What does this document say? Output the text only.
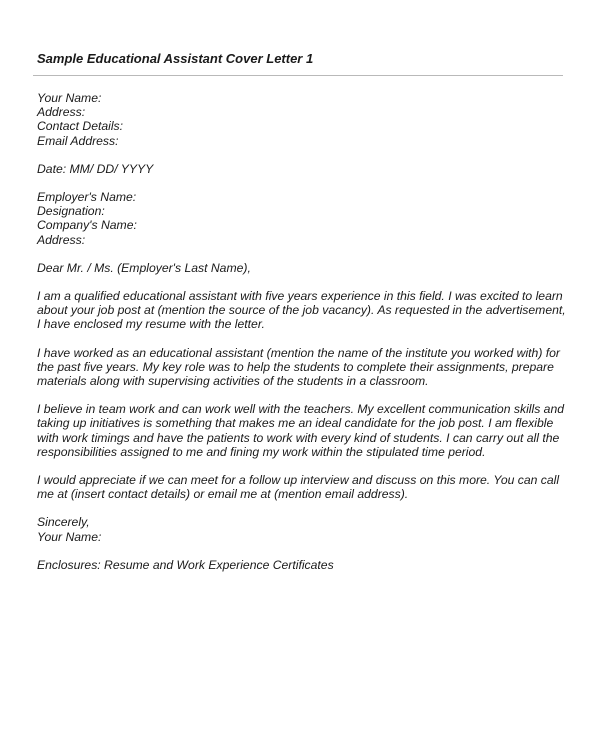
Sample Educational Assistant Cover Letter 1
Your Name:
Address:
Contact Details:
Email Address:
Date: MM/ DD/ YYYY
Employer's Name:
Designation:
Company's Name:
Address:
Dear Mr. / Ms. (Employer's Last Name),
I am a qualified educational assistant with five years experience in this field. I was excited to learn
about your job post at (mention the source of the job vacancy). As requested in the advertisement,
I have enclosed my resume with the letter.
I have worked as an educational assistant (mention the name of the institute you worked with) for
the past five years. My key role was to help the students to complete their assignments, prepare
materials along with supervising activities of the students in a classroom.
I believe in team work and can work well with the teachers. My excellent communication skills and
taking up initiatives is something that makes me an ideal candidate for the job post. I am flexible
with work timings and have the patients to work with every kind of students. I can carry out all the
responsibilities assigned to me and fining my work within the stipulated time period.
I would appreciate if we can meet for a follow up interview and discuss on this more. You can call
me at (insert contact details) or email me at (mention email address).
Sincerely,
Your Name:
Enclosures: Resume and Work Experience Certificates
